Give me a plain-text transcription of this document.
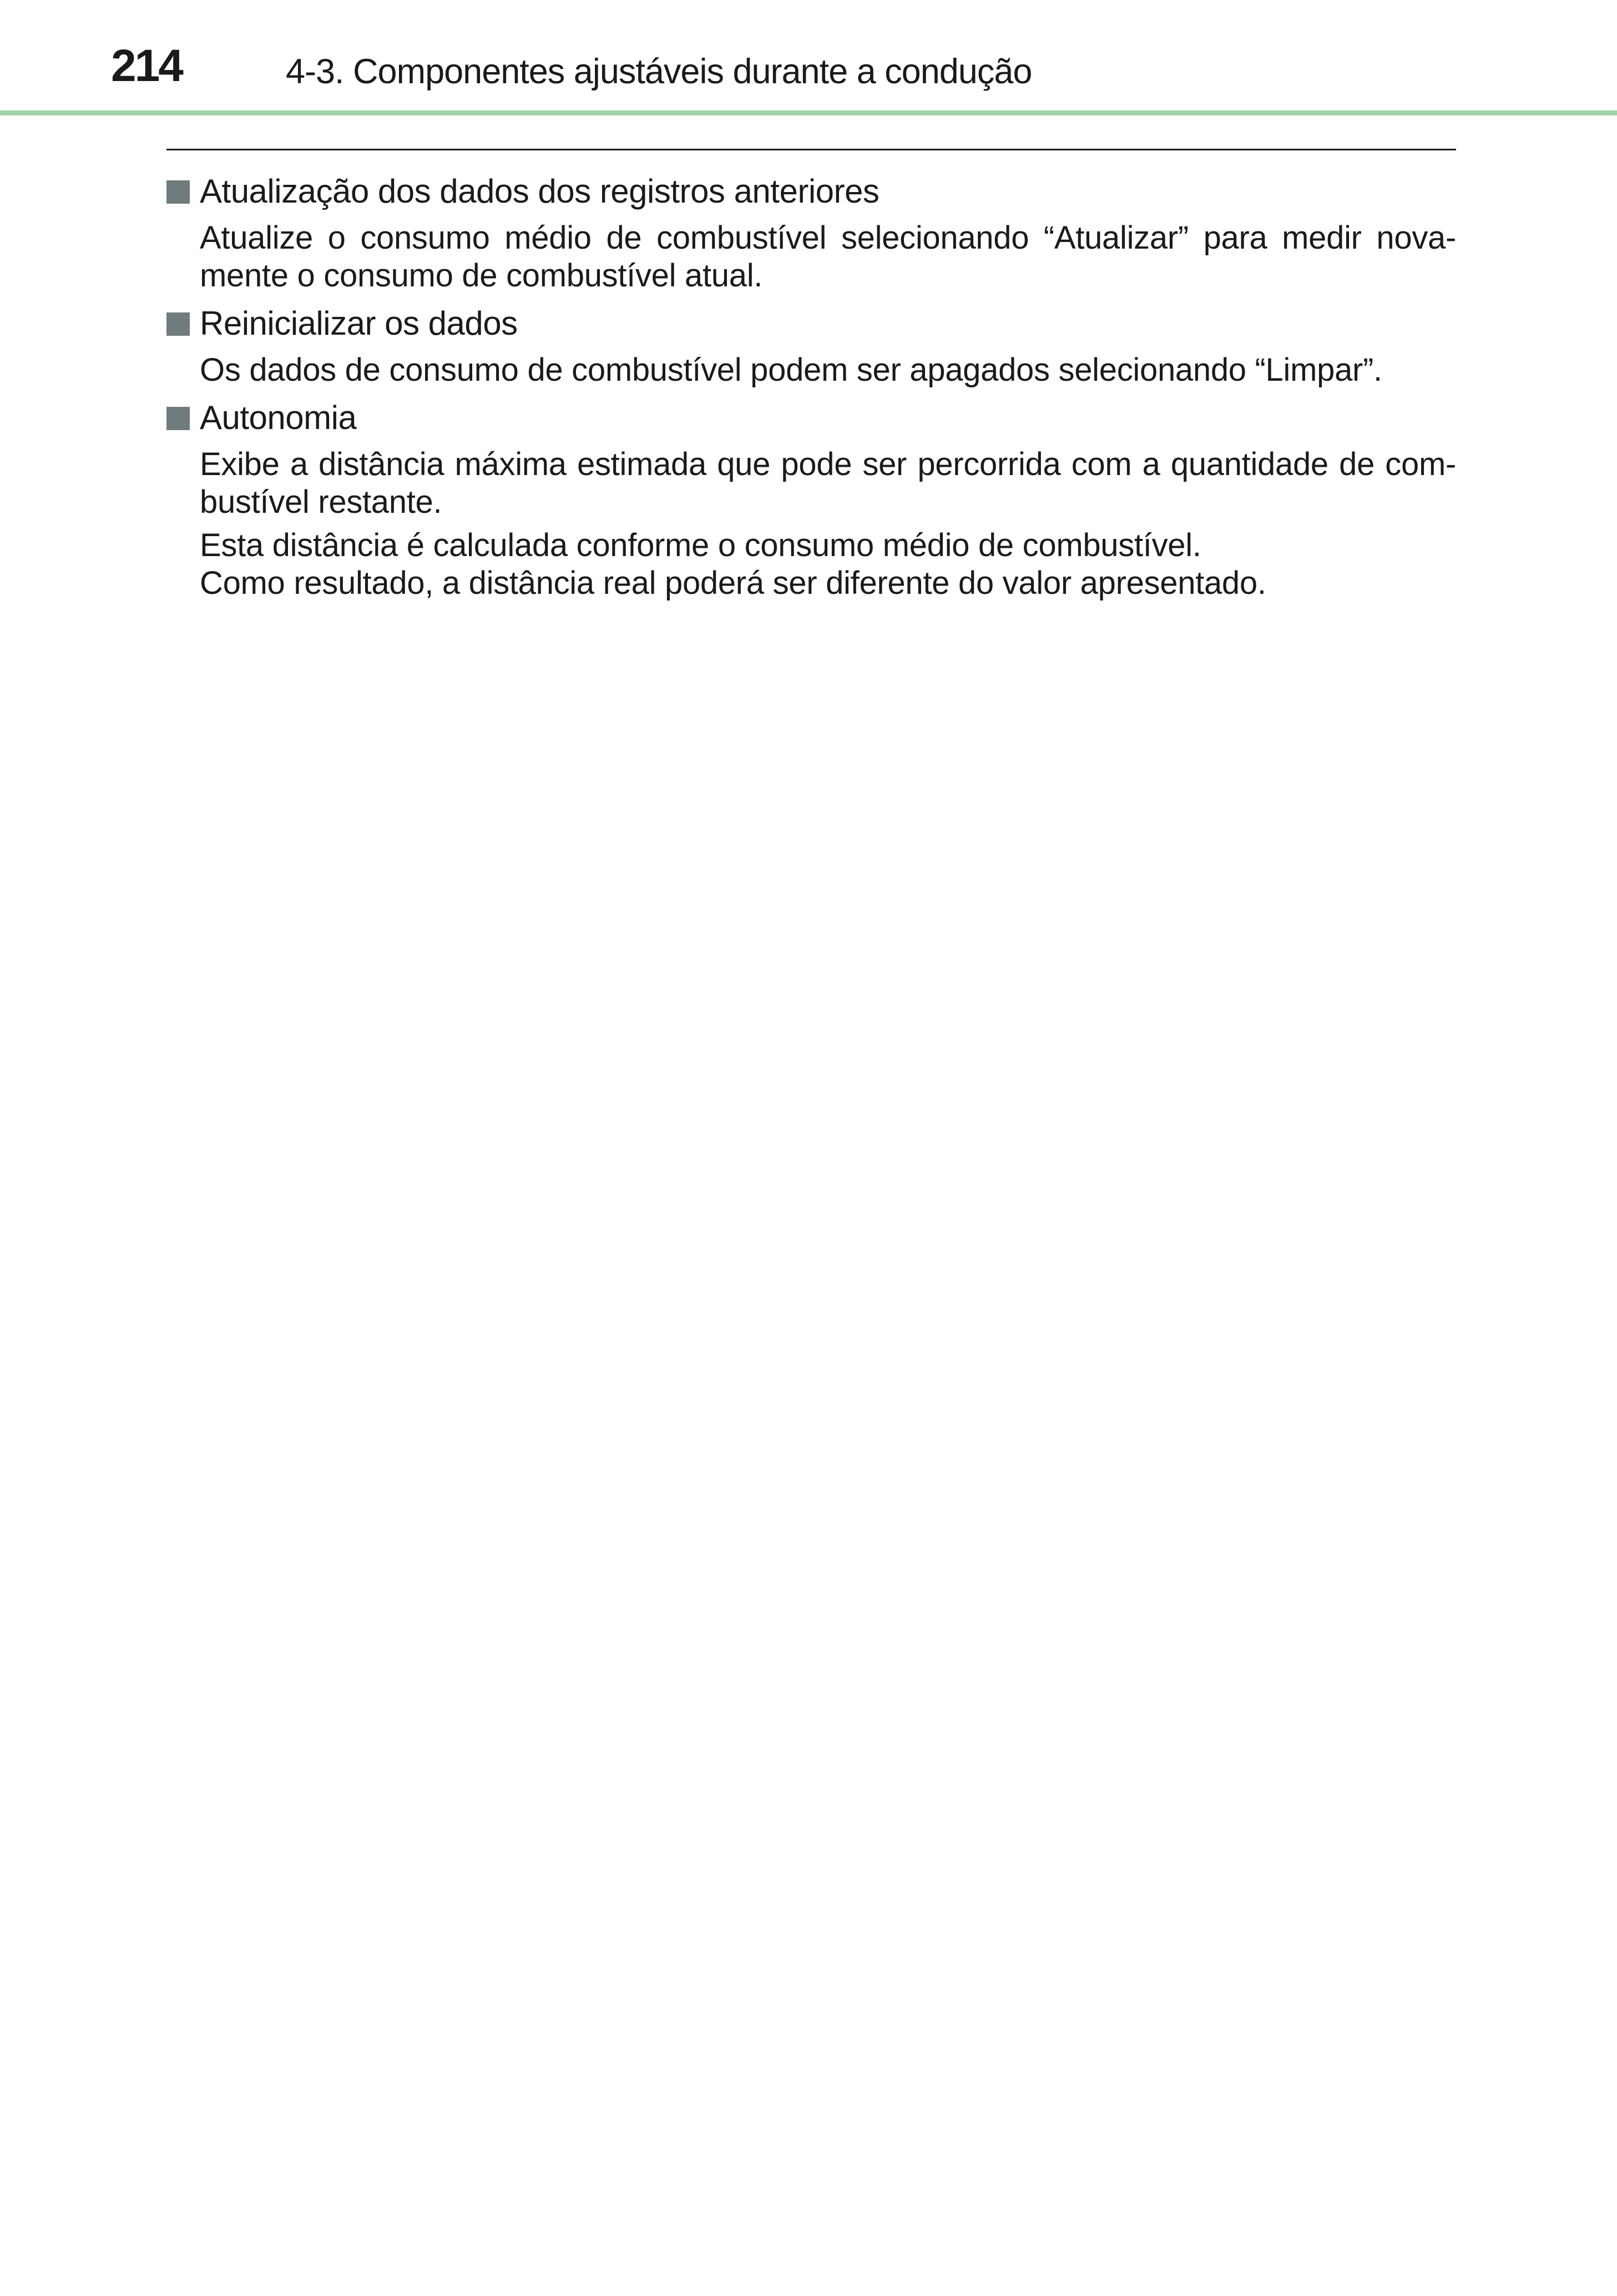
214	4-3. Componentes ajustáveis durante a condução
Atualização dos dados dos registros anteriores
Atualize o consumo médio de combustível selecionando “Atualizar” para medir nova-
mente o consumo de combustível atual.
Reinicializar os dados
Os dados de consumo de combustível podem ser apagados selecionando “Limpar”.
Autonomia
Exibe a distância máxima estimada que pode ser percorrida com a quantidade de com-
bustível restante.
Esta distância é calculada conforme o consumo médio de combustível.
Como resultado, a distância real poderá ser diferente do valor apresentado.
